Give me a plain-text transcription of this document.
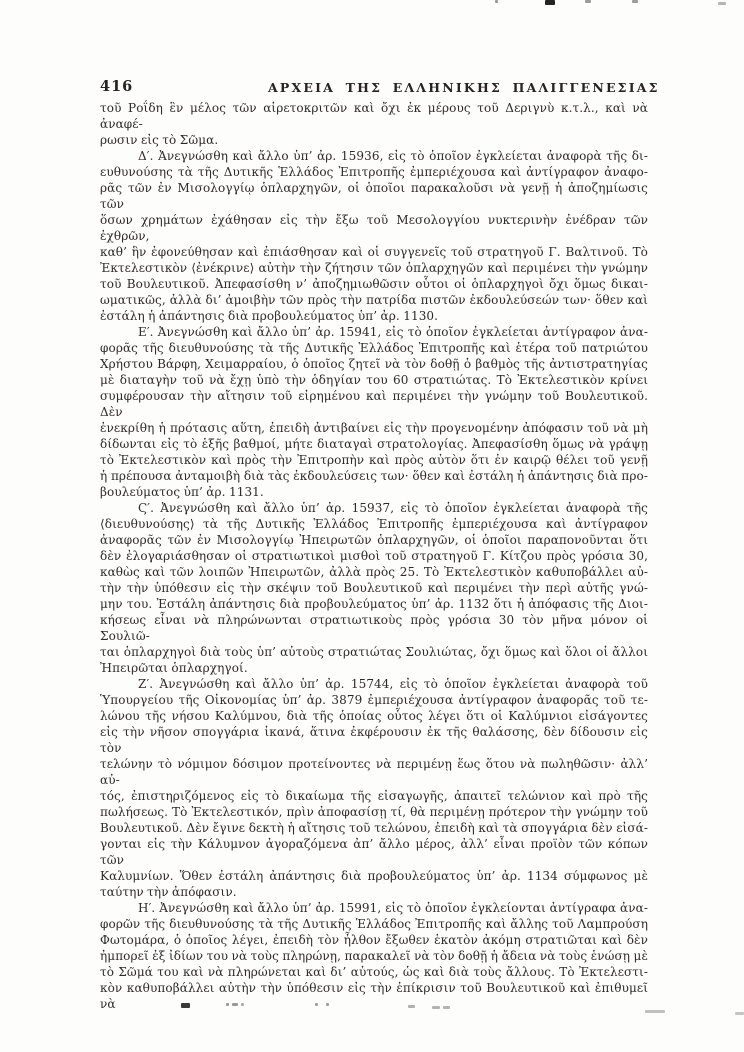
416	ΑΡΧΕΙΑ ΤΗΣ ΕΛΛΗΝΙΚΗΣ ΠΑΛΙΓΓΕΝΕΣΙΑΣ
τοῦ Ροΐδη ἓν μέλος τῶν αἱρετοκριτῶν καὶ ὄχι ἐκ μέρους τοῦ Δεριγνὺ κ.τ.λ., καὶ νὰ ἀναφέ-
ρωσιν εἰς τὸ Σῶμα.
Δ′. Ἀνεγνώσθη καὶ ἄλλο ὑπ’ ἀρ. 15936, εἰς τὸ ὁποῖον ἐγκλείεται ἀναφορὰ τῆς δι-
ευθυνούσης τὰ τῆς Δυτικῆς Ἑλλάδος Ἐπιτροπῆς ἐμπεριέχουσα καὶ ἀντίγραφον ἀναφο-
ρᾶς τῶν ἐν Μισολογγίῳ ὁπλαρχηγῶν, οἱ ὁποῖοι παρακαλοῦσι νὰ γενῇ ἡ ἀποζημίωσις τῶν
ὅσων χρημάτων ἐχάθησαν εἰς τὴν ἔξω τοῦ Μεσολογγίου νυκτερινὴν ἐνέδραν τῶν ἐχθρῶν,
καθ’ ἣν ἐφονεύθησαν καὶ ἐπιάσθησαν καὶ οἱ συγγενεῖς τοῦ στρατηγοῦ Γ. Βαλτινοῦ. Τὸ
Ἐκτελεστικὸν ⟨ἐνέκρινε⟩ αὐτὴν τὴν ζήτησιν τῶν ὁπλαρχηγῶν καὶ περιμένει τὴν γνώμην
τοῦ Βουλευτικοῦ. Ἀπεφασίσθη ν’ ἀποζημιωθῶσιν οὗτοι οἱ ὁπλαρχηγοὶ ὄχι ὅμως δικαι-
ωματικῶς, ἀλλὰ δι’ ἀμοιβὴν τῶν πρὸς τὴν πατρίδα πιστῶν ἐκδουλεύσεών των· ὅθεν καὶ
ἐστάλη ἡ ἀπάντησις διὰ προβουλεύματος ὑπ’ ἀρ. 1130.
Ε′. Ἀνεγνώσθη καὶ ἄλλο ὑπ’ ἀρ. 15941, εἰς τὸ ὁποῖον ἐγκλείεται ἀντίγραφον ἀνα-
φορᾶς τῆς διευθυνούσης τὰ τῆς Δυτικῆς Ἑλλάδος Ἐπιτροπῆς καὶ ἑτέρα τοῦ πατριώτου
Χρήστου Βάρφη, Χειμαρραίου, ὁ ὁποῖος ζητεῖ νὰ τὸν δοθῇ ὁ βαθμὸς τῆς ἀντιστρατηγίας
μὲ διαταγὴν τοῦ νὰ ἔχῃ ὑπὸ τὴν ὁδηγίαν του 60 στρατιώτας. Τὸ Ἐκτελεστικὸν κρίνει
συμφέρουσαν τὴν αἴτησιν τοῦ εἰρημένου καὶ περιμένει τὴν γνώμην τοῦ Βουλευτικοῦ. Δὲν
ἐνεκρίθη ἡ πρότασις αὕτη, ἐπειδὴ ἀντιβαίνει εἰς τὴν προγενομένην ἀπόφασιν τοῦ νὰ μὴ
δίδωνται εἰς τὸ ἑξῆς βαθμοί, μήτε διαταγαὶ στρατολογίας. Ἀπεφασίσθη ὅμως νὰ γράψῃ
τὸ Ἐκτελεστικὸν καὶ πρὸς τὴν Ἐπιτροπὴν καὶ πρὸς αὐτὸν ὅτι ἐν καιρῷ θέλει τοῦ γενῇ
ἡ πρέπουσα ἀνταμοιβὴ διὰ τὰς ἐκδουλεύσεις των· ὅθεν καὶ ἐστάλη ἡ ἀπάντησις διὰ προ-
βουλεύματος ὑπ’ ἀρ. 1131.
Ϛ′. Ἀνεγνώσθη καὶ ἄλλο ὑπ’ ἀρ. 15937, εἰς τὸ ὁποῖον ἐγκλείεται ἀναφορὰ τῆς
⟨διευθυνούσης⟩ τὰ τῆς Δυτικῆς Ἑλλάδος Ἐπιτροπῆς ἐμπεριέχουσα καὶ ἀντίγραφον
ἀναφορᾶς τῶν ἐν Μισολογγίῳ Ἠπειρωτῶν ὁπλαρχηγῶν, οἱ ὁποῖοι παραπονοῦνται ὅτι
δὲν ἐλογαριάσθησαν οἱ στρατιωτικοὶ μισθοὶ τοῦ στρατηγοῦ Γ. Κίτζου πρὸς γρόσια 30,
καθὼς καὶ τῶν λοιπῶν Ἠπειρωτῶν, ἀλλὰ πρὸς 25. Τὸ Ἐκτελεστικὸν καθυποβάλλει αὐ-
τὴν τὴν ὑπόθεσιν εἰς τὴν σκέψιν τοῦ Βουλευτικοῦ καὶ περιμένει τὴν περὶ αὐτῆς γνώ-
μην του. Ἐστάλη ἀπάντησις διὰ προβουλεύματος ὑπ’ ἀρ. 1132 ὅτι ἡ ἀπόφασις τῆς Διοι-
κήσεως εἶναι νὰ πληρώνωνται στρατιωτικοὺς πρὸς γρόσια 30 τὸν μῆνα μόνον οἱ Σουλιῶ-
ται ὁπλαρχηγοὶ διὰ τοὺς ὑπ’ αὐτοὺς στρατιώτας Σουλιώτας, ὄχι ὅμως καὶ ὅλοι οἱ ἄλλοι
Ἠπειρῶται ὁπλαρχηγοί.
Ζ′. Ἀνεγνώσθη καὶ ἄλλο ὑπ’ ἀρ. 15744, εἰς τὸ ὁποῖον ἐγκλείεται ἀναφορὰ τοῦ
Ὑπουργείου τῆς Οἰκονομίας ὑπ’ ἀρ. 3879 ἐμπεριέχουσα ἀντίγραφον ἀναφορᾶς τοῦ τε-
λώνου τῆς νήσου Καλύμνου, διὰ τῆς ὁποίας οὗτος λέγει ὅτι οἱ Καλύμνιοι εἰσάγοντες
εἰς τὴν νῆσον σπογγάρια ἱκανά, ἅτινα ἐκφέρουσιν ἐκ τῆς θαλάσσης, δὲν δίδουσιν εἰς τὸν
τελώνην τὸ νόμιμον δόσιμον προτείνοντες νὰ περιμένῃ ἕως ὅτου νὰ πωληθῶσιν· ἀλλ’ αὐ-
τός, ἐπιστηριζόμενος εἰς τὸ δικαίωμα τῆς εἰσαγωγῆς, ἀπαιτεῖ τελώνιον καὶ πρὸ τῆς
πωλήσεως. Τὸ Ἐκτελεστικόν, πρὶν ἀποφασίσῃ τί, θὰ περιμένῃ πρότερον τὴν γνώμην τοῦ
Βουλευτικοῦ. Δὲν ἔγινε δεκτὴ ἡ αἴτησις τοῦ τελώνου, ἐπειδὴ καὶ τὰ σπογγάρια δὲν εἰσά-
γονται εἰς τὴν Κάλυμνον ἀγοραζόμενα ἀπ’ ἄλλο μέρος, ἀλλ’ εἶναι προϊὸν τῶν κόπων τῶν
Καλυμνίων. Ὅθεν ἐστάλη ἀπάντησις διὰ προβουλεύματος ὑπ’ ἀρ. 1134 σύμφωνος μὲ
ταύτην τὴν ἀπόφασιν.
Η′. Ἀνεγνώσθη καὶ ἄλλο ὑπ’ ἀρ. 15991, εἰς τὸ ὁποῖον ἐγκλείονται ἀντίγραφα ἀνα-
φορῶν τῆς διευθυνούσης τὰ τῆς Δυτικῆς Ἑλλάδος Ἐπιτροπῆς καὶ ἄλλης τοῦ Λαμπρούση
Φωτομάρα, ὁ ὁποῖος λέγει, ἐπειδὴ τὸν ἦλθον ἔξωθεν ἑκατὸν ἀκόμη στρατιῶται καὶ δὲν
ἠμπορεῖ ἐξ ἰδίων του νὰ τοὺς πληρώνῃ, παρακαλεῖ νὰ τὸν δοθῇ ἡ ἄδεια νὰ τοὺς ἑνώσῃ μὲ
τὸ Σῶμά του καὶ νὰ πληρώνεται καὶ δι’ αὐτούς, ὡς καὶ διὰ τοὺς ἄλλους. Τὸ Ἐκτελεστι-
κὸν καθυποβάλλει αὐτὴν τὴν ὑπόθεσιν εἰς τὴν ἐπίκρισιν τοῦ Βουλευτικοῦ καὶ ἐπιθυμεῖ νὰ
